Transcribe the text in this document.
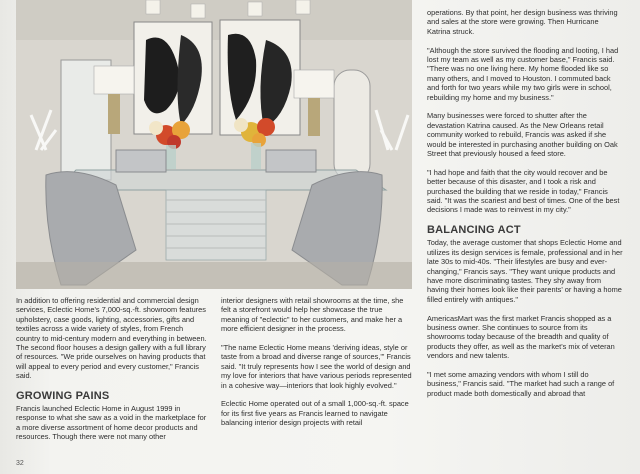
In addition to offering residential and commercial design services, Eclectic Home's 7,000-sq.-ft. showroom features upholstery, case goods, lighting, accessories, gifts and textiles across a wide variety of styles, from French country to mid-century modern and everything in between. The second floor houses a design gallery with a full library of resources. "We pride ourselves on having products that will appeal to every period and every customer," Francis said.

GROWING PAINS

Francis launched Eclectic Home in August 1999 in response to what she saw as a void in the marketplace for a more diverse assortment of home decor products and resources. Though there were not many other

interior designers with retail showrooms at the time, she felt a storefront would help her showcase the true meaning of "eclectic" to her customers, and make her a more efficient designer in the process.

"The name Eclectic Home means 'deriving ideas, style or taste from a broad and diverse range of sources,'" Francis said. "It truly represents how I see the world of design and my love for interiors that have various periods represented in a cohesive way—interiors that look highly evolved."

Eclectic Home operated out of a small 1,000-sq.-ft. space for its first five years as Francis learned to navigate balancing interior design projects with retail

operations. By that point, her design business was thriving and sales at the store were growing. Then Hurricane Katrina struck.

"Although the store survived the flooding and looting, I had lost my team as well as my customer base," Francis said. "There was no one living here. My home flooded like so many others, and I moved to Houston. I commuted back and forth for two years while my two girls were in school, rebuilding my home and my business."

Many businesses were forced to shutter after the devastation Katrina caused. As the New Orleans retail community worked to rebuild, Francis was asked if she would be interested in purchasing another building on Oak Street that previously housed a feed store.

"I had hope and faith that the city would recover and be better because of this disaster, and I took a risk and purchased the building that we reside in today," Francis said. "It was the scariest and best of times. One of the best decisions I made was to reinvest in my city."

BALANCING ACT

Today, the average customer that shops Eclectic Home and utilizes its design services is female, professional and in her late 30s to mid-40s. "Their lifestyles are busy and ever-changing," Francis says. "They want unique products and have more discriminating tastes. They shy away from having their homes look like their parents' or having a home filled entirely with antiques."

AmericasMart was the first market Francis shopped as a business owner. She continues to source from its showrooms today because of the breadth and quality of products they offer, as well as the market's mix of veteran vendors and new talents.

"I met some amazing vendors with whom I still do business," Francis said. "The market had such a range of product made both domestically and abroad that

32
